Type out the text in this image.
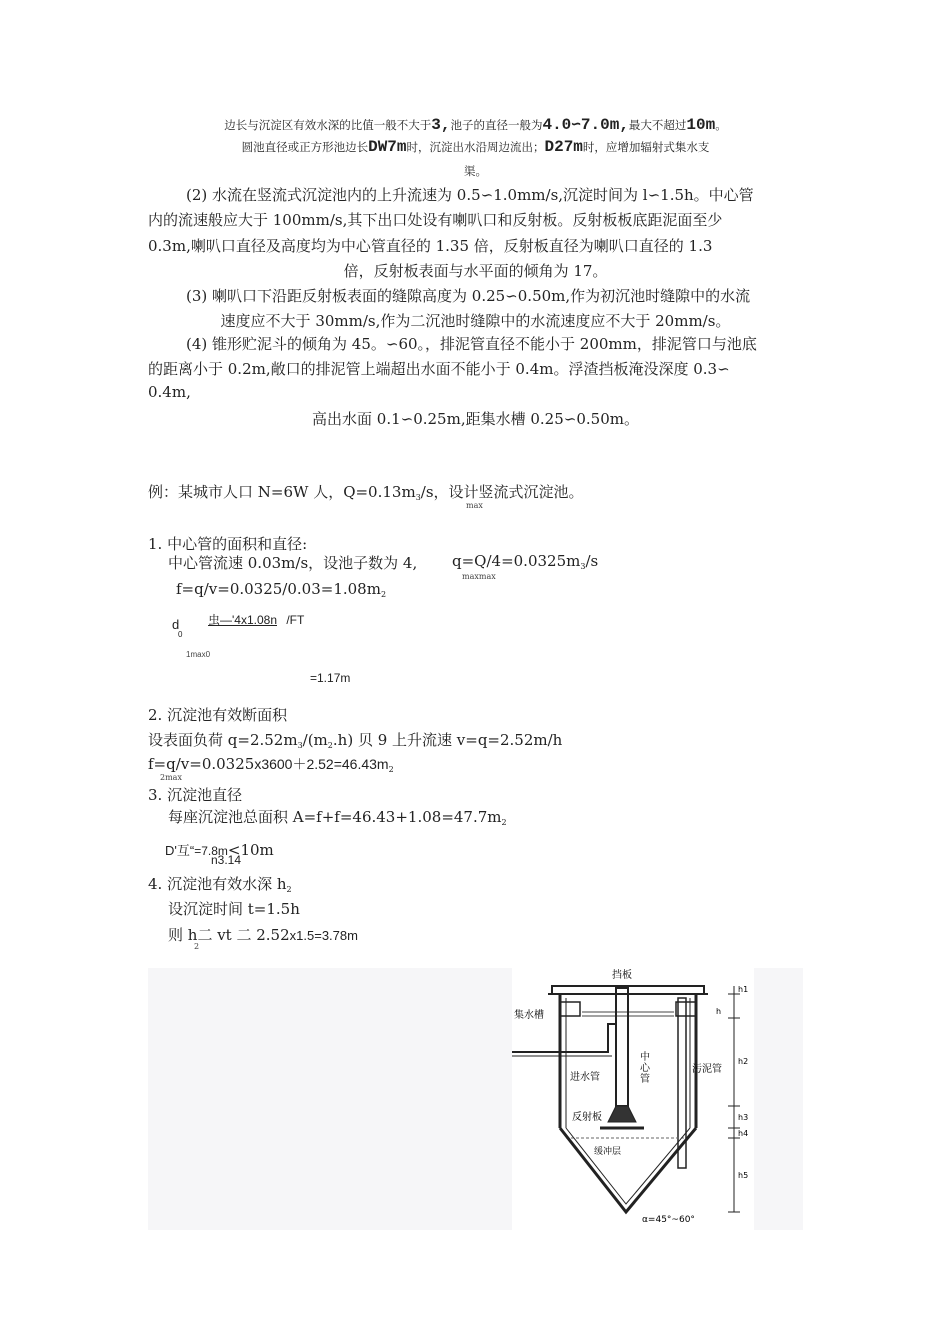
边长与沉淀区有效水深的比值一般不大于3,池子的直径一般为4.0∽7.0m,最大不超过10m。
圆池直径或正方形池边长DW7m时，沉淀出水沿周边流出；D27m时，应增加辐射式集水支
渠。
(2) 水流在竖流式沉淀池内的上升流速为 0.5∽1.0mm/s,沉淀时间为 l∽1.5h。中心管
内的流速般应大于 100mm/s,其下出口处设有喇叭口和反射板。反射板板底距泥面至少
0.3m,喇叭口直径及高度均为中心管直径的 1.35 倍，反射板直径为喇叭口直径的 1.3
倍，反射板表面与水平面的倾角为 17。
(3) 喇叭口下沿距反射板表面的缝隙高度为 0.25∽0.50m,作为初沉池时缝隙中的水流
速度应不大于 30mm/s,作为二沉池时缝隙中的水流速度应不大于 20mm/s。
(4) 锥形贮泥斗的倾角为 45。∽60。，排泥管直径不能小于 200mm，排泥管口与池底
的距离小于 0.2m,敞口的排泥管上端超出水面不能小于 0.4m。浮渣挡板淹没深度 0.3∽
0.4m,
高出水面 0.1∽0.25m,距集水槽 0.25∽0.50m。
例：某城市人口 N=6W 人，$Q=0.13m_3/s$，设计竖流式沉淀池。
max
1. 中心管的面积和直径:
中心管流速 0.03m/s，设池子数为 4, $q=Q/4=0.0325m_3/s$
maxmax
$f=q/v=0.0325/0.03=1.08m_2$
d
0
虫—'4x1.08n /FT
1max0
=1.17m
2. 沉淀池有效断面积
设表面负荷 $q=2.52m_3/(m_2.h)$ 贝 9 上升流速 v=q=2.52m/h
$f=q/v=0.0325x3600+2.52=46.43m_2$
2max
3. 沉淀池直径
每座沉淀池总面积 $A=f+f=46.43+1.08=47.7m_2$
D'互“=7.8m<10m
n3.14
4. 沉淀池有效水深 $h_2$
设沉淀时间 t=1.5h
则 h二 vt 二 2.52x1.5=3.78m
2
挡板
集水槽
进水管
中心管
污泥管
反射板
缓冲层
α=45°~60°
h1
h
h2
h3
h4
h5
